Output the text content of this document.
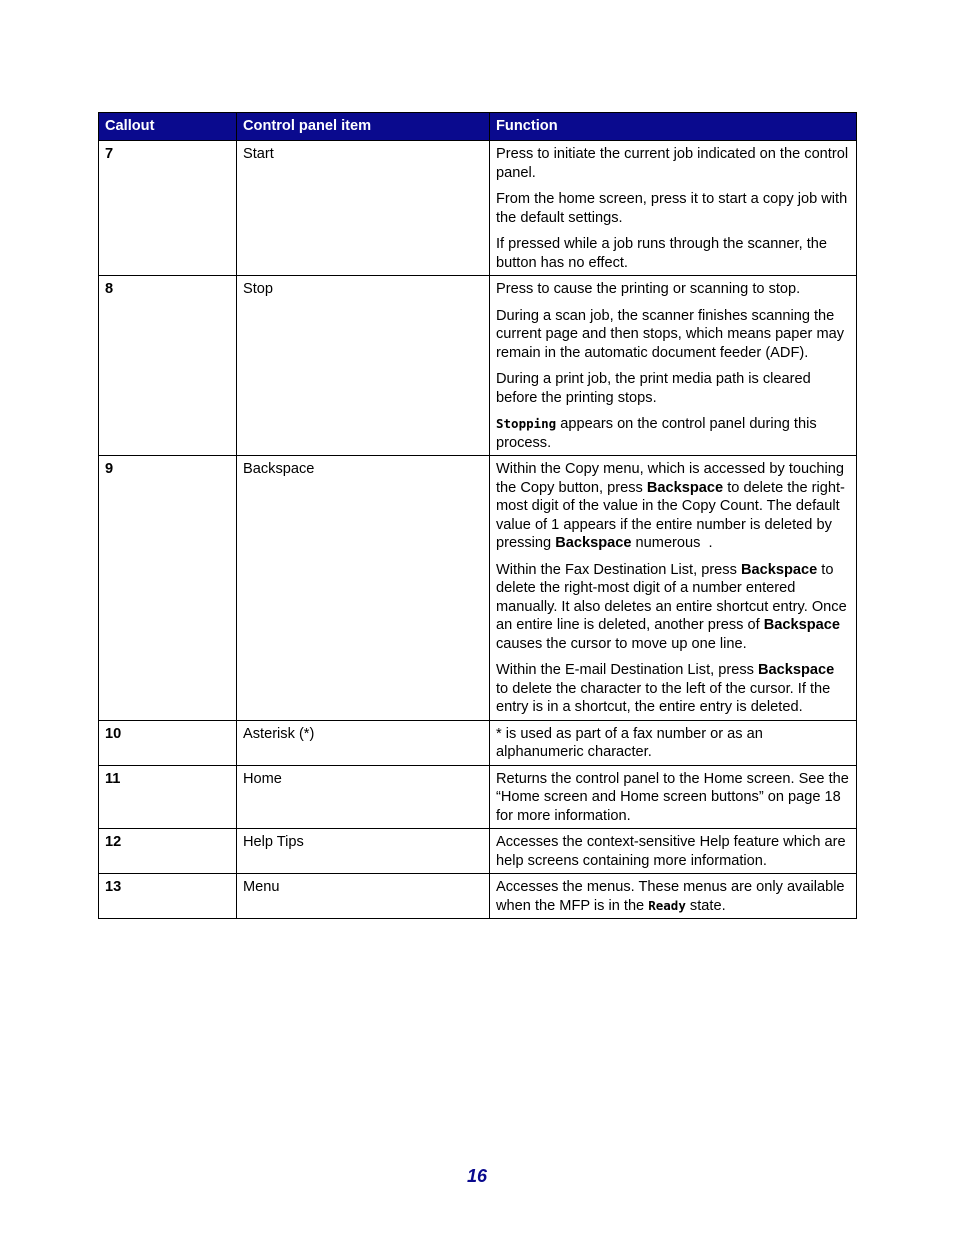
Callout	Control panel item	Function
7	Start	Press to initiate the current job indicated on the control panel.

From the home screen, press it to start a copy job with the default settings.

If pressed while a job runs through the scanner, the button has no effect.

8	Stop	Press to cause the printing or scanning to stop.

During a scan job, the scanner finishes scanning the current page and then stops, which means paper may remain in the automatic document feeder (ADF).

During a print job, the print media path is cleared before the printing stops.

Stopping appears on the control panel during this process.

9	Backspace	Within the Copy menu, which is accessed by touching the Copy button, press Backspace to delete the right-most digit of the value in the Copy Count. The default value of 1 appears if the entire number is deleted by pressing Backspace numerous  .

Within the Fax Destination List, press Backspace to delete the right-most digit of a number entered manually. It also deletes an entire shortcut entry. Once an entire line is deleted, another press of Backspace causes the cursor to move up one line.

Within the E-mail Destination List, press Backspace to delete the character to the left of the cursor. If the entry is in a shortcut, the entire entry is deleted.

10	Asterisk (*)	* is used as part of a fax number or as an alphanumeric character.

11	Home	Returns the control panel to the Home screen. See the “Home screen and Home screen buttons” on page 18 for more information.

12	Help Tips	Accesses the context-sensitive Help feature which are help screens containing more information.

13	Menu	Accesses the menus. These menus are only available when the MFP is in the Ready state.

16
